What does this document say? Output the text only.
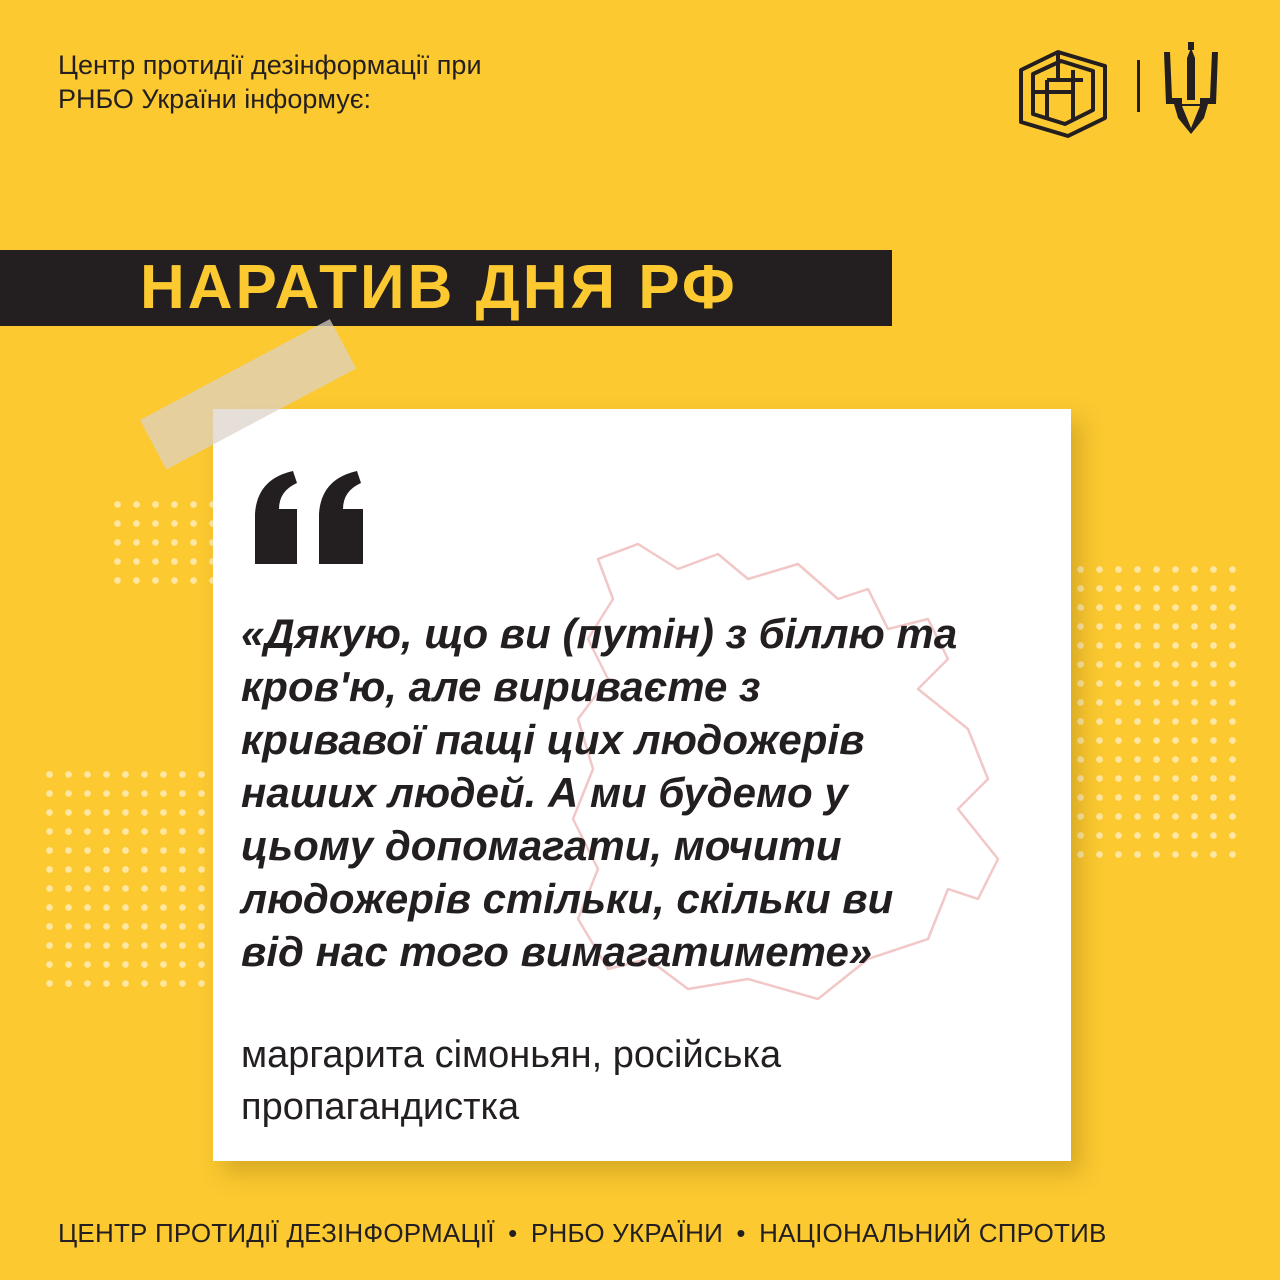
Центр протидії дезінформації при
РНБО України інформує:
НАРАТИВ ДНЯ РФ
«Дякую, що ви (путін) з біллю та
кров'ю, але вириваєте з
кривавої пащі цих людожерів
наших людей. А ми будемо у
цьому допомагати, мочити
людожерів стільки, скільки ви
від нас того вимагатимете»
маргарита сімоньян, російська
пропагандистка
ЦЕНТР ПРОТИДІЇ ДЕЗІНФОРМАЦІЇ • РНБО УКРАЇНИ • НАЦІОНАЛЬНИЙ СПРОТИВ
